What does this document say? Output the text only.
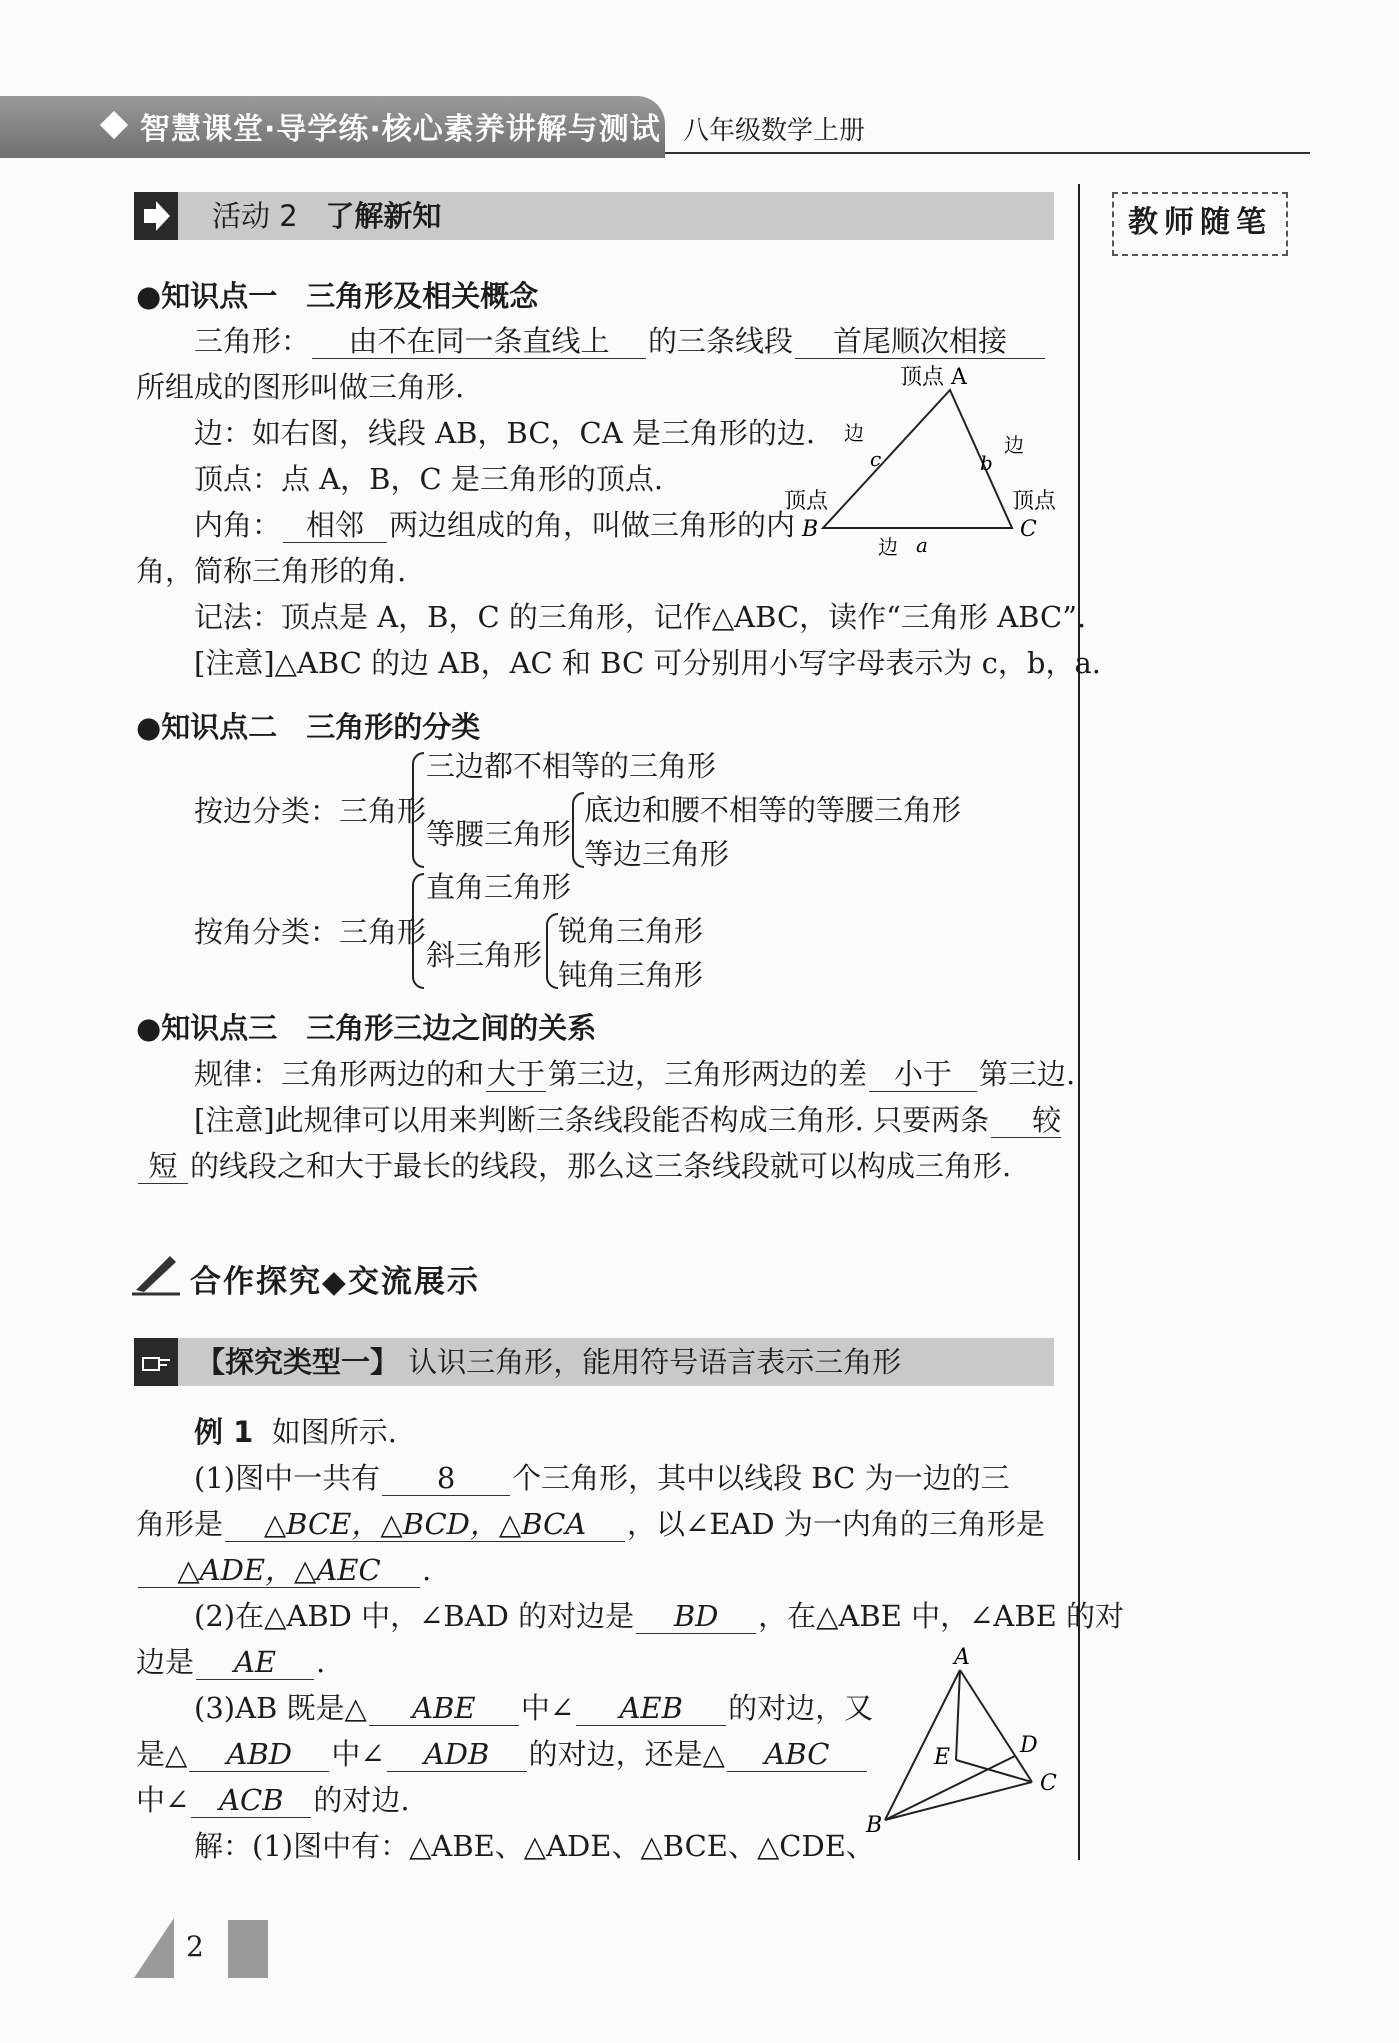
智慧课堂·导学练·核心素养讲解与测试 八年级数学上册
教师随笔
活动 2 了解新知
●知识点一　三角形及相关概念
三角形： 由不在同一条直线上 的三条线段 首尾顺次相接
所组成的图形叫做三角形.
边：如右图，线段 AB，BC，CA 是三角形的边.
顶点：点 A，B，C 是三角形的顶点.
内角： 相邻 两边组成的角，叫做三角形的内
角，简称三角形的角.
记法：顶点是 A，B，C 的三角形，记作△ABC，读作“三角形 ABC”.
[注意]△ABC 的边 AB，AC 和 BC 可分别用小写字母表示为 c，b，a.
顶点 A
顶点
B
顶点
C
边
c
边
b
边 a
●知识点二　三角形的分类
按边分类：三角形
三边都不相等的三角形
等腰三角形
底边和腰不相等的等腰三角形
等边三角形
按角分类：三角形
直角三角形
斜三角形
锐角三角形
钝角三角形
●知识点三　三角形三边之间的关系
规律：三角形两边的和 大于 第三边，三角形两边的差 小于 第三边.
[注意]此规律可以用来判断三条线段能否构成三角形. 只要两条 较
短 的线段之和大于最长的线段，那么这三条线段就可以构成三角形.
合作探究◆交流展示
【探究类型一】 认识三角形，能用符号语言表示三角形
例 1 如图所示.
(1)图中一共有 8 个三角形，其中以线段 BC 为一边的三
角形是 △BCE，△BCD，△BCA ，以∠EAD 为一内角的三角形是
△ADE，△AEC .
(2)在△ABD 中，∠BAD 的对边是 BD ，在△ABE 中，∠ABE 的对
边是 AE .
(3)AB 既是△ ABE 中∠ AEB 的对边，又
是△ ABD 中∠ ADB 的对边，还是△ ABC
中∠ ACB 的对边.
解：(1)图中有：△ABE、△ADE、△BCE、△CDE、
A
B
C
D
E
2
